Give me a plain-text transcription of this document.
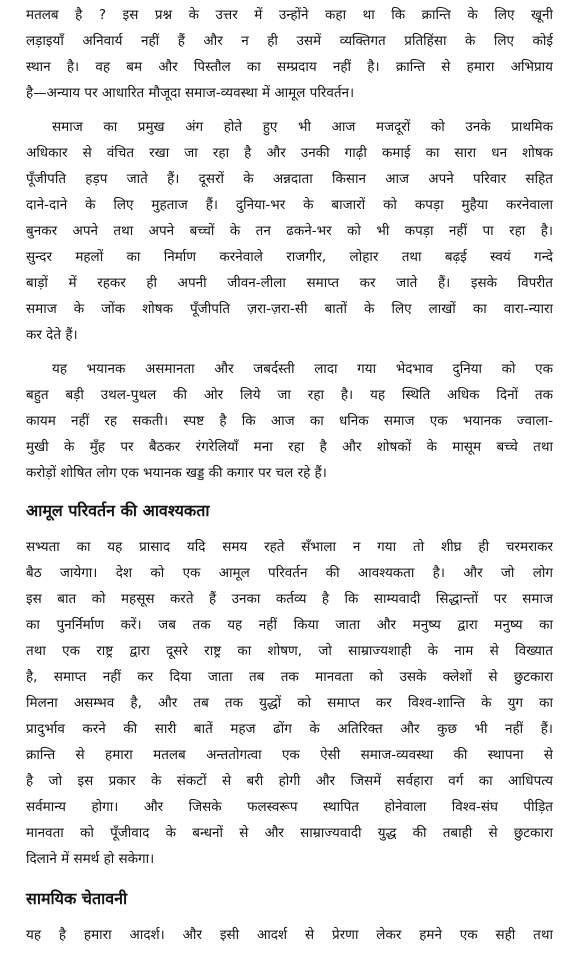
मतलब है ? इस प्रश्न के उत्तर में उन्होंने कहा था कि क्रान्ति के लिए खूनी
लड़ाइयाँ अनिवार्य नहीं हैं और न ही उसमें व्यक्तिगत प्रतिहिंसा के लिए कोई
स्थान है। वह बम और पिस्तौल का सम्प्रदाय नहीं है। क्रान्ति से हमारा अभिप्राय
है—अन्याय पर आधारित मौजूदा समाज-व्यवस्था में आमूल परिवर्तन।
समाज का प्रमुख अंग होते हुए भी आज मजदूरों को उनके प्राथमिक
अधिकार से वंचित रखा जा रहा है और उनकी गाढ़ी कमाई का सारा धन शोषक
पूँजीपति हड़प जाते हैं। दूसरों के अन्नदाता किसान आज अपने परिवार सहित
दाने-दाने के लिए मुहताज हैं। दुनिया-भर के बाजारों को कपड़ा मुहैया करनेवाला
बुनकर अपने तथा अपने बच्चों के तन ढकने-भर को भी कपड़ा नहीं पा रहा है।
सुन्दर महलों का निर्माण करनेवाले राजगीर, लोहार तथा बढ़ई स्वयं गन्दे
बाड़ों में रहकर ही अपनी जीवन-लीला समाप्त कर जाते हैं। इसके विपरीत
समाज के जोंक शोषक पूँजीपति ज़रा-ज़रा-सी बातों के लिए लाखों का वारा-न्यारा
कर देते हैं।
यह भयानक असमानता और जबर्दस्ती लादा गया भेदभाव दुनिया को एक
बहुत बड़ी उथल-पुथल की ओर लिये जा रहा है। यह स्थिति अधिक दिनों तक
कायम नहीं रह सकती। स्पष्ट है कि आज का धनिक समाज एक भयानक ज्वाला-
मुखी के मुँह पर बैठकर रंगरेलियाँ मना रहा है और शोषकों के मासूम बच्चे तथा
करोड़ों शोषित लोग एक भयानक खड्ड की कगार पर चल रहे हैं।
आमूल परिवर्तन की आवश्यकता
सभ्यता का यह प्रासाद यदि समय रहते सँभाला न गया तो शीघ्र ही चरमराकर
बैठ जायेगा। देश को एक आमूल परिवर्तन की आवश्यकता है। और जो लोग
इस बात को महसूस करते हैं उनका कर्तव्य है कि साम्यवादी सिद्धान्तों पर समाज
का पुनर्निर्माण करें। जब तक यह नहीं किया जाता और मनुष्य द्वारा मनुष्य का
तथा एक राष्ट्र द्वारा दूसरे राष्ट्र का शोषण, जो साम्राज्यशाही के नाम से विख्यात
है, समाप्त नहीं कर दिया जाता तब तक मानवता को उसके क्लेशों से छुटकारा
मिलना असम्भव है, और तब तक युद्धों को समाप्त कर विश्व-शान्ति के युग का
प्रादुर्भाव करने की सारी बातें महज ढोंग के अतिरिक्त और कुछ भी नहीं हैं।
क्रान्ति से हमारा मतलब अन्ततोगत्वा एक ऐसी समाज-व्यवस्था की स्थापना से
है जो इस प्रकार के संकटों से बरी होगी और जिसमें सर्वहारा वर्ग का आधिपत्य
सर्वमान्य होगा। और जिसके फलस्वरूप स्थापित होनेवाला विश्व-संघ पीड़ित
मानवता को पूँजीवाद के बन्धनों से और साम्राज्यवादी युद्ध की तबाही से छुटकारा
दिलाने में समर्थ हो सकेगा।
सामयिक चेतावनी
यह है हमारा आदर्श। और इसी आदर्श से प्रेरणा लेकर हमने एक सही तथा
